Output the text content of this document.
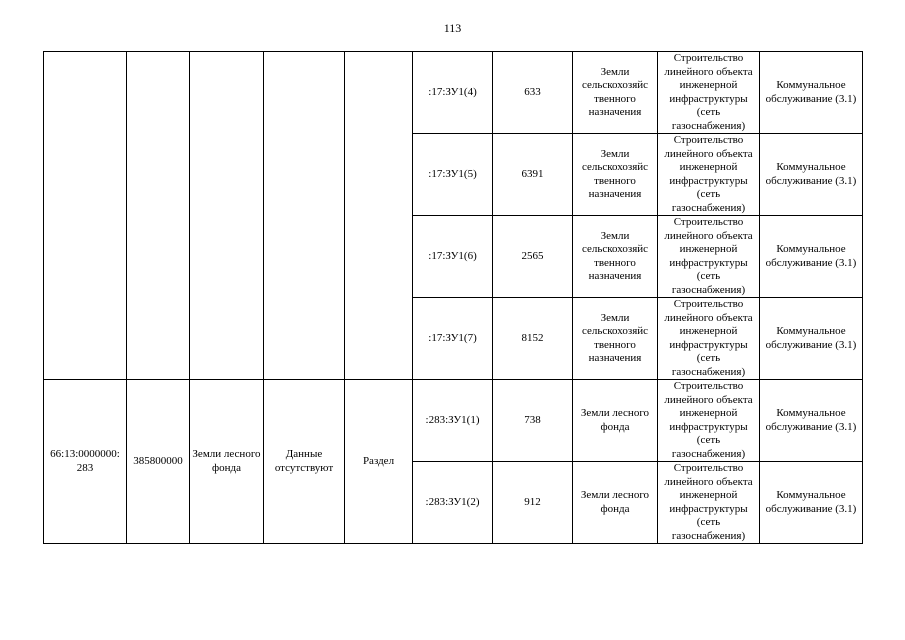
113
					:17:ЗУ1(4)	633	Земли сельскохозяйс твенного назначения	Строительство линейного объекта инженерной инфраструктуры (сеть газоснабжения)	Коммунальное обслуживание (3.1)
					:17:ЗУ1(5)	6391	Земли сельскохозяйс твенного назначения	Строительство линейного объекта инженерной инфраструктуры (сеть газоснабжения)	Коммунальное обслуживание (3.1)
					:17:ЗУ1(6)	2565	Земли сельскохозяйс твенного назначения	Строительство линейного объекта инженерной инфраструктуры (сеть газоснабжения)	Коммунальное обслуживание (3.1)
					:17:ЗУ1(7)	8152	Земли сельскохозяйс твенного назначения	Строительство линейного объекта инженерной инфраструктуры (сеть газоснабжения)	Коммунальное обслуживание (3.1)
66:13:0000000: 283	385800000	Земли лесного фонда	Данные отсутствуют	Раздел	:283:ЗУ1(1)	738	Земли лесного фонда	Строительство линейного объекта инженерной инфраструктуры (сеть газоснабжения)	Коммунальное обслуживание (3.1)
					:283:ЗУ1(2)	912	Земли лесного фонда	Строительство линейного объекта инженерной инфраструктуры (сеть газоснабжения)	Коммунальное обслуживание (3.1)
